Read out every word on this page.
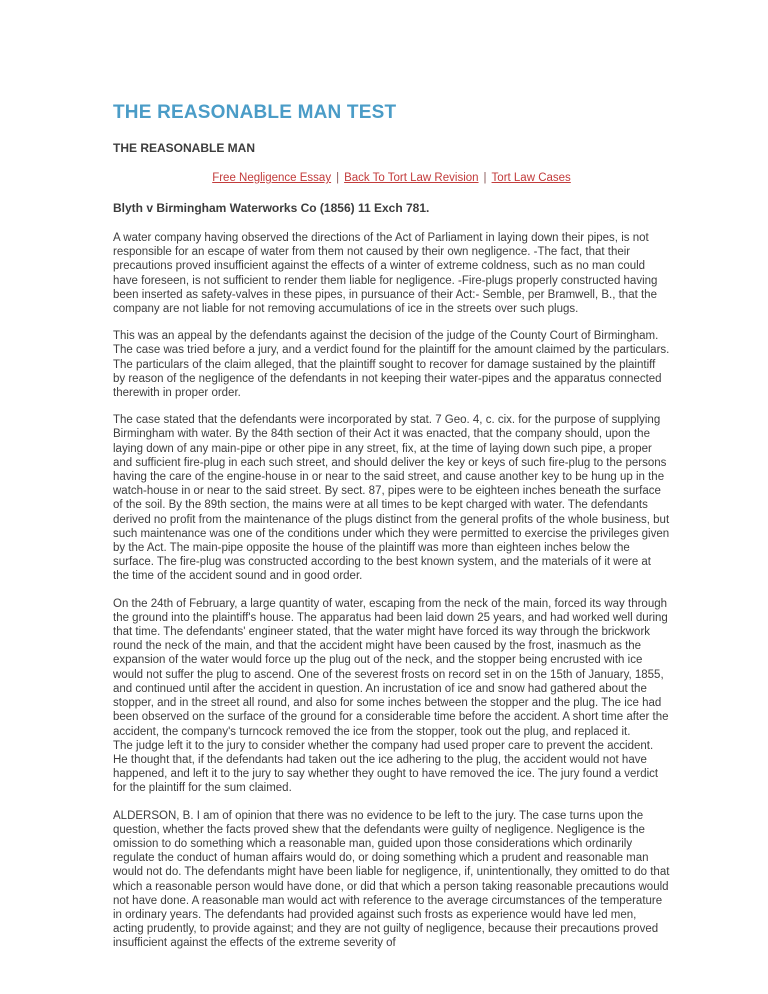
THE REASONABLE MAN TEST
THE REASONABLE MAN

Free Negligence Essay | Back To Tort Law Revision | Tort Law Cases

Blyth v Birmingham Waterworks Co (1856) 11 Exch 781.

A water company having observed the directions of the Act of Parliament in laying down their pipes, is not responsible for an escape of water from them not caused by their own negligence. -The fact, that their precautions proved insufficient against the effects of a winter of extreme coldness, such as no man could have foreseen, is not sufficient to render them liable for negligence. -Fire-plugs properly constructed having been inserted as safety-valves in these pipes, in pursuance of their Act:- Semble, per Bramwell, B., that the company are not liable for not removing accumulations of ice in the streets over such plugs.

This was an appeal by the defendants against the decision of the judge of the County Court of Birmingham. The case was tried before a jury, and a verdict found for the plaintiff for the amount claimed by the particulars. The particulars of the claim alleged, that the plaintiff sought to recover for damage sustained by the plaintiff by reason of the negligence of the defendants in not keeping their water-pipes and the apparatus connected therewith in proper order.

The case stated that the defendants were incorporated by stat. 7 Geo. 4, c. cix. for the purpose of supplying Birmingham with water. By the 84th section of their Act it was enacted, that the company should, upon the laying down of any main-pipe or other pipe in any street, fix, at the time of laying down such pipe, a proper and sufficient fire-plug in each such street, and should deliver the key or keys of such fire-plug to the persons having the care of the engine-house in or near to the said street, and cause another key to be hung up in the watch-house in or near to the said street. By sect. 87, pipes were to be eighteen inches beneath the surface of the soil. By the 89th section, the mains were at all times to be kept charged with water. The defendants derived no profit from the maintenance of the plugs distinct from the general profits of the whole business, but such maintenance was one of the conditions under which they were permitted to exercise the privileges given by the Act. The main-pipe opposite the house of the plaintiff was more than eighteen inches below the surface. The fire-plug was constructed according to the best known system, and the materials of it were at the time of the accident sound and in good order.

On the 24th of February, a large quantity of water, escaping from the neck of the main, forced its way through the ground into the plaintiff's house. The apparatus had been laid down 25 years, and had worked well during that time. The defendants' engineer stated, that the water might have forced its way through the brickwork round the neck of the main, and that the accident might have been caused by the frost, inasmuch as the expansion of the water would force up the plug out of the neck, and the stopper being encrusted with ice would not suffer the plug to ascend. One of the severest frosts on record set in on the 15th of January, 1855, and continued until after the accident in question. An incrustation of ice and snow had gathered about the stopper, and in the street all round, and also for some inches between the stopper and the plug. The ice had been observed on the surface of the ground for a considerable time before the accident. A short time after the accident, the company's turncock removed the ice from the stopper, took out the plug, and replaced it.
The judge left it to the jury to consider whether the company had used proper care to prevent the accident. He thought that, if the defendants had taken out the ice adhering to the plug, the accident would not have happened, and left it to the jury to say whether they ought to have removed the ice. The jury found a verdict for the plaintiff for the sum claimed.

ALDERSON, B. I am of opinion that there was no evidence to be left to the jury. The case turns upon the question, whether the facts proved shew that the defendants were guilty of negligence. Negligence is the omission to do something which a reasonable man, guided upon those considerations which ordinarily regulate the conduct of human affairs would do, or doing something which a prudent and reasonable man would not do. The defendants might have been liable for negligence, if, unintentionally, they omitted to do that which a reasonable person would have done, or did that which a person taking reasonable precautions would not have done. A reasonable man would act with reference to the average circumstances of the temperature in ordinary years. The defendants had provided against such frosts as experience would have led men, acting prudently, to provide against; and they are not guilty of negligence, because their precautions proved insufficient against the effects of the extreme severity of
